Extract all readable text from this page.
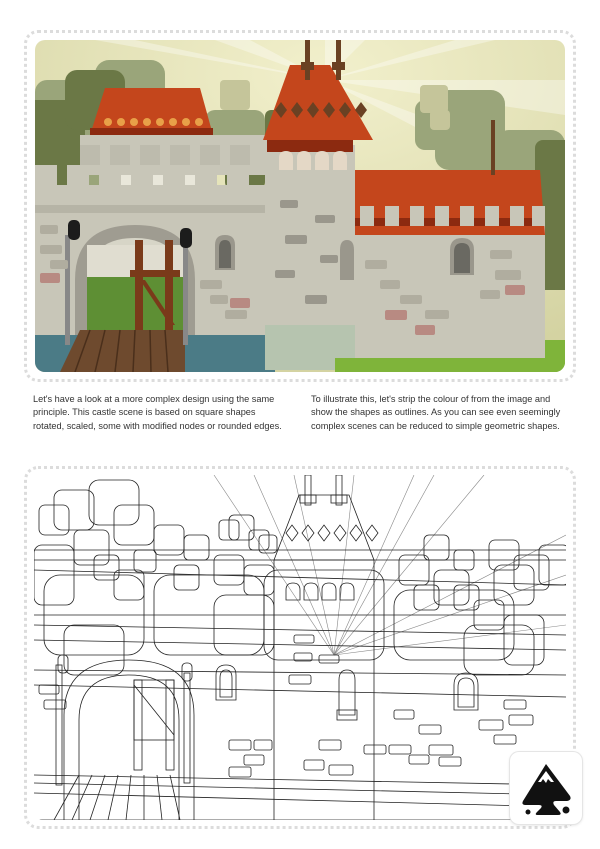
Let's have a look at a more complex design using the same principle. This castle scene is based on square shapes rotated, scaled, some with modified nodes or rounded edges.

To illustrate this, let's strip the colour of from the image and show the shapes as outlines. As you can see even seemingly complex scenes can be reduced to simple geometric shapes.
